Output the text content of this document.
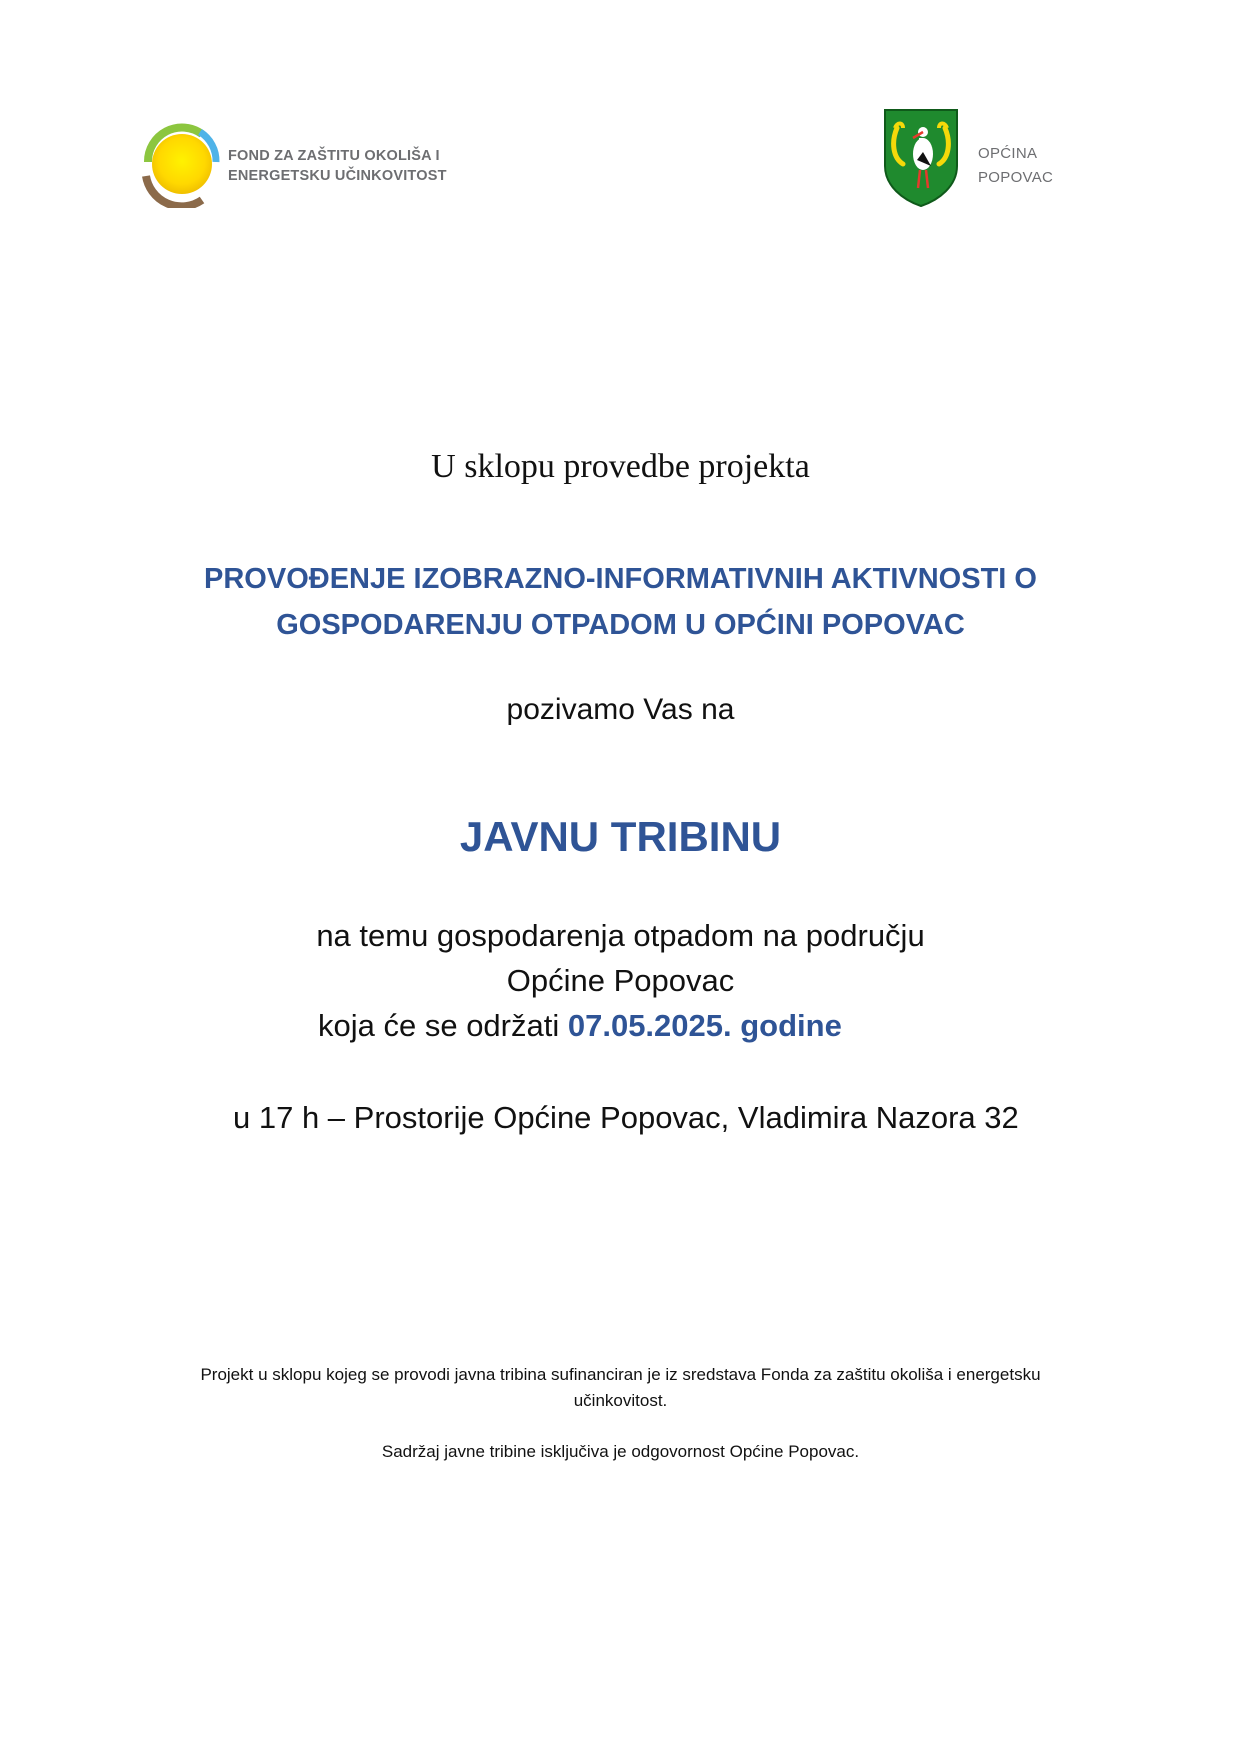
FOND ZA ZAŠTITU OKOLIŠA I
ENERGETSKU UČINKOVITOST
OPĆINA
POPOVAC
U sklopu provedbe projekta
PROVOĐENJE IZOBRAZNO-INFORMATIVNIH AKTIVNOSTI O
GOSPODARENJU OTPADOM U OPĆINI POPOVAC
pozivamo Vas na
JAVNU TRIBINU
na temu gospodarenja otpadom na području
Općine Popovac
koja će se održati 07.05.2025. godine
u 17 h – Prostorije Općine Popovac, Vladimira Nazora 32
Projekt u sklopu kojeg se provodi javna tribina sufinanciran je iz sredstava Fonda za zaštitu okoliša i energetsku
učinkovitost.
Sadržaj javne tribine isključiva je odgovornost Općine Popovac.
